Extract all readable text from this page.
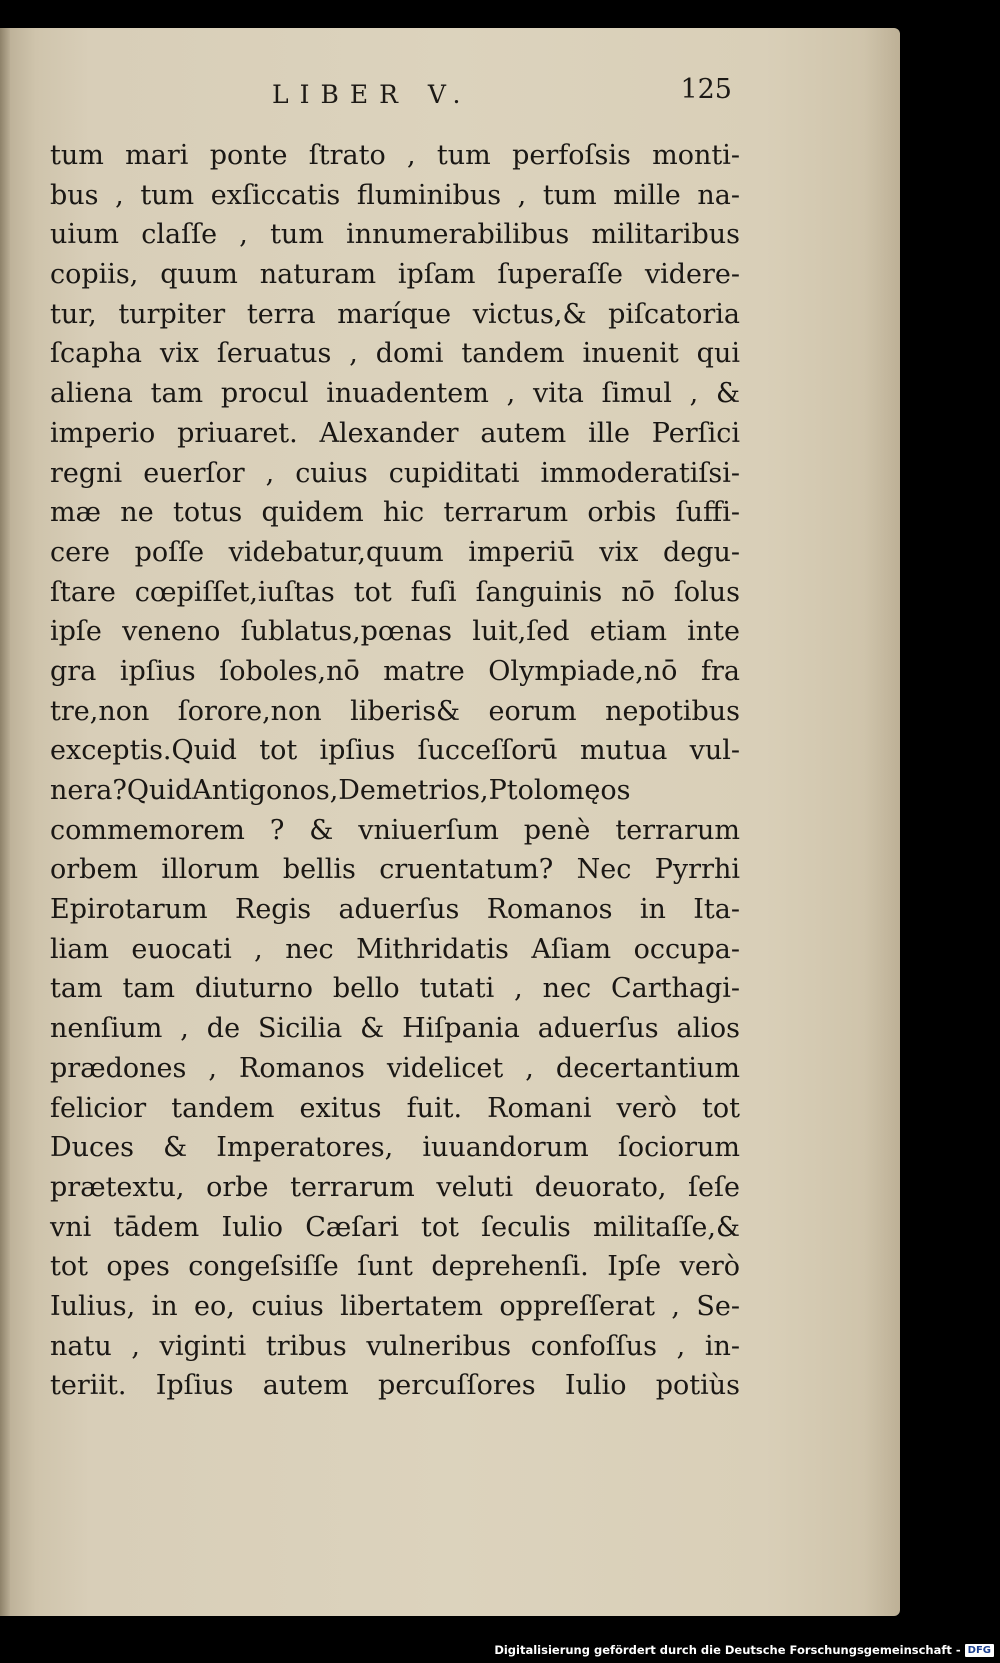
LIBER V.	125
tum mari ponte ſtrato , tum perfoſsis monti-
bus , tum exſiccatis fluminibus , tum mille na-
uium claſſe , tum innumerabilibus militaribus
copiis, quum naturam ipſam ſuperaſſe videre-
tur, turpiter terra maríque victus,& piſcatoria
ſcapha vix ſeruatus , domi tandem inuenit qui
aliena tam procul inuadentem , vita ſimul , &
imperio priuaret. Alexander autem ille Perſici
regni euerſor , cuius cupiditati immoderatiſsi-
mæ ne totus quidem hic terrarum orbis ſuffi-
cere poſſe videbatur,quum imperiū vix degu-
ſtare cœpiſſet,iuſtas tot fuſi ſanguinis nō ſolus
ipſe veneno ſublatus,pœnas luit,ſed etiam inte
gra ipſius ſoboles,nō matre Olympiade,nō fra
tre,non ſorore,non liberis& eorum nepotibus
exceptis.Quid tot ipſius ſucceſſorū mutua vul-
nera?QuidAntigonos,Demetrios,Ptolomęos
commemorem ? & vniuerſum penè terrarum
orbem illorum bellis cruentatum? Nec Pyrrhi
Epirotarum Regis aduerſus Romanos in Ita-
liam euocati , nec Mithridatis Aſiam occupa-
tam tam diuturno bello tutati , nec Carthagi-
nenſium , de Sicilia & Hiſpania aduerſus alios
prædones , Romanos videlicet , decertantium
felicior tandem exitus fuit. Romani verò tot
Duces & Imperatores, iuuandorum ſociorum
prætextu, orbe terrarum veluti deuorato, ſeſe
vni tādem Iulio Cæſari tot ſeculis militaſſe,&
tot opes congeſsiſſe ſunt deprehenſi. Ipſe verò
Iulius, in eo, cuius libertatem oppreſſerat , Se-
natu , viginti tribus vulneribus confoſſus , in-
teriit. Ipſius autem percuſſores Iulio potiùs
Digitalisierung gefördert durch die Deutsche Forschungsgemeinschaft - DFG
